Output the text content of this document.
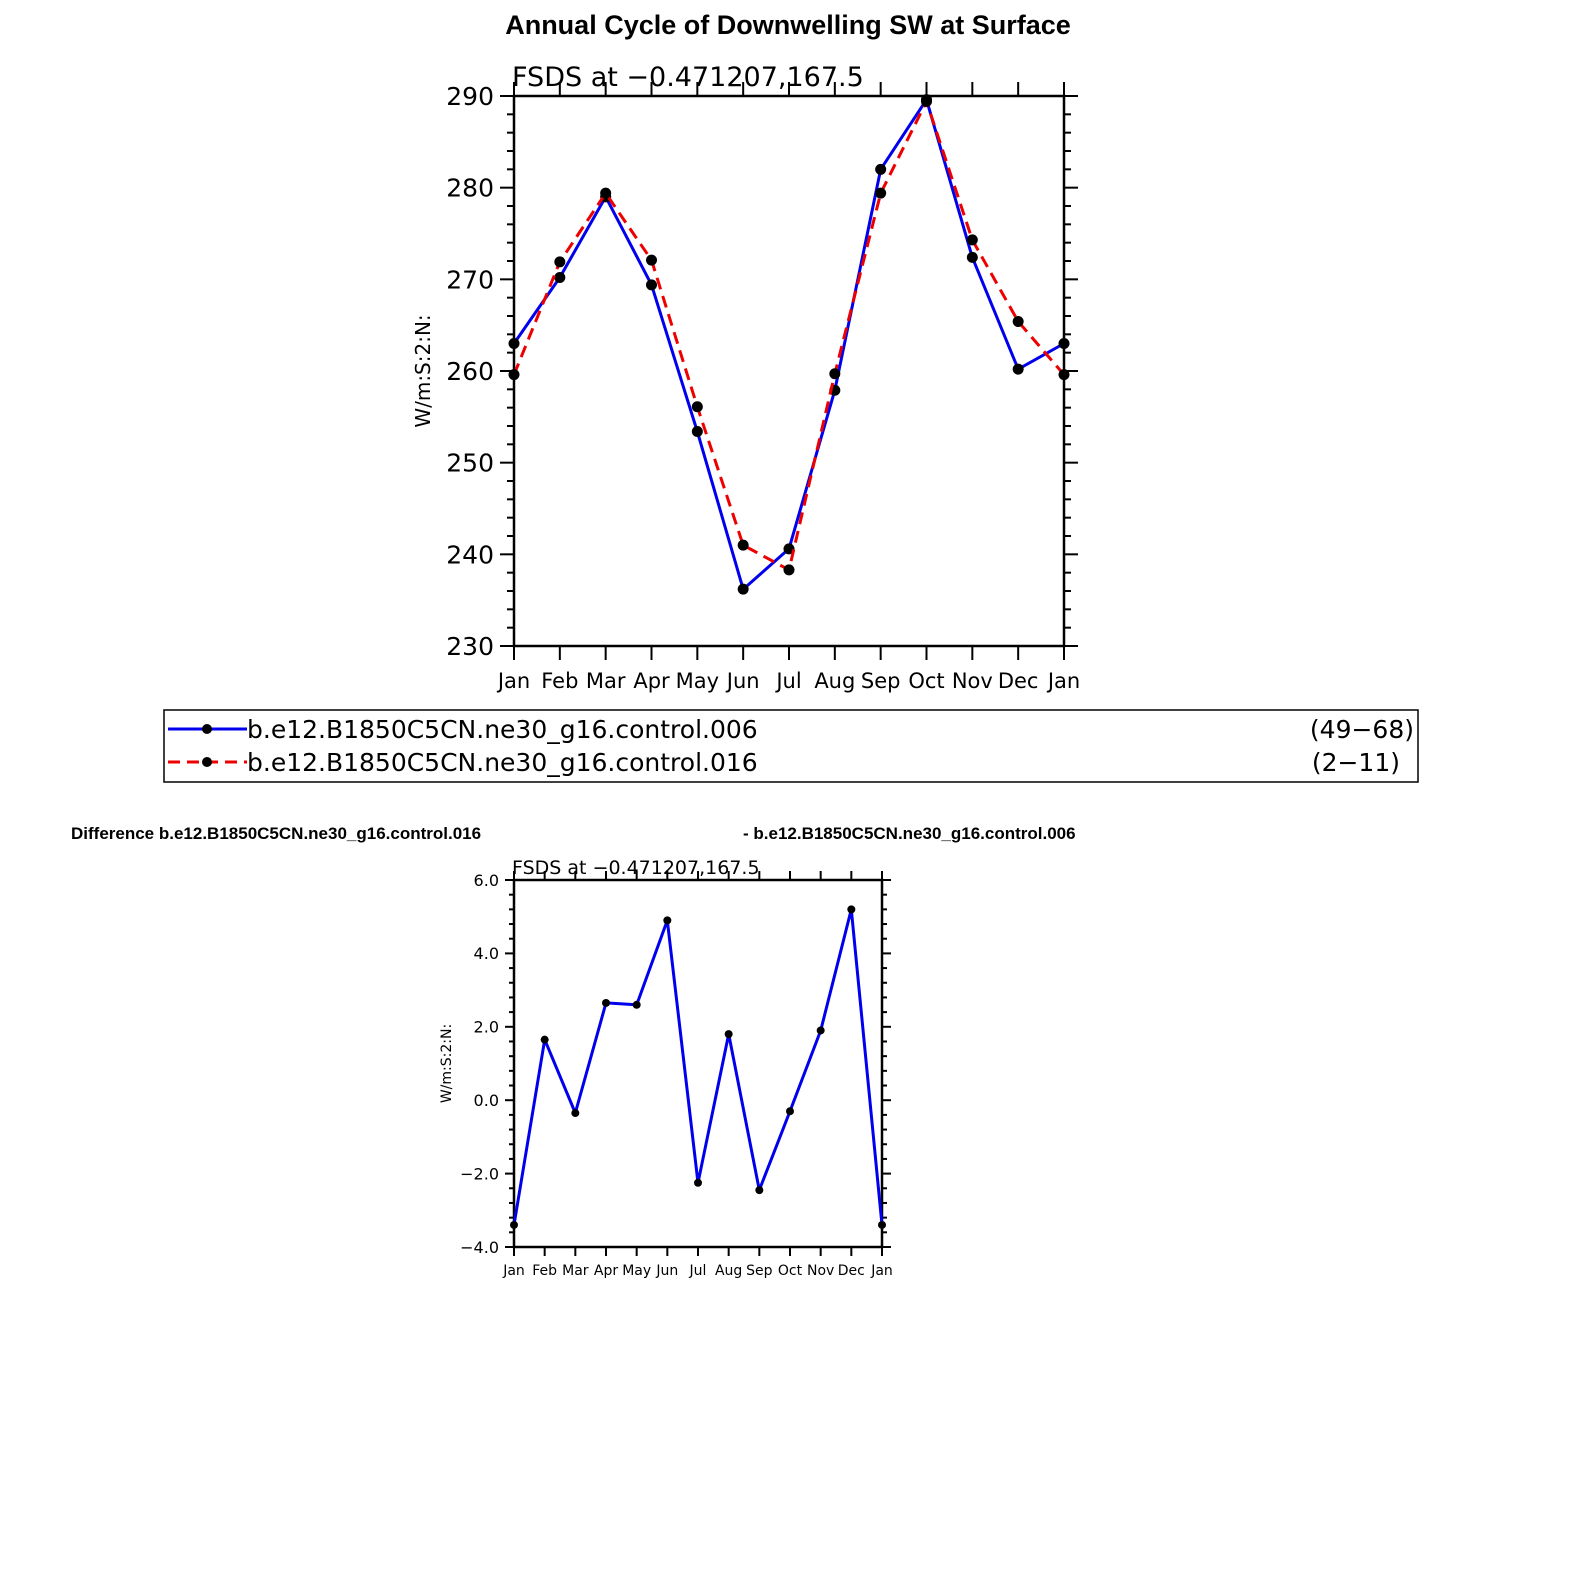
Annual Cycle of Downwelling SW at Surface
FSDS at −0.471207,167.5
W/m:S:2:N:
230
240
250
260
270
280
290
Jan Feb Mar Apr May Jun Jul Aug Sep Oct Nov Dec Jan
b.e12.B1850C5CN.ne30_g16.control.006	(49−68)
b.e12.B1850C5CN.ne30_g16.control.016	(2−11)
Difference b.e12.B1850C5CN.ne30_g16.control.016	- b.e12.B1850C5CN.ne30_g16.control.006
FSDS at −0.471207,167.5
W/m:S:2:N:
−4.0
−2.0
0.0
2.0
4.0
6.0
Jan Feb Mar Apr May Jun Jul Aug Sep Oct Nov Dec Jan
